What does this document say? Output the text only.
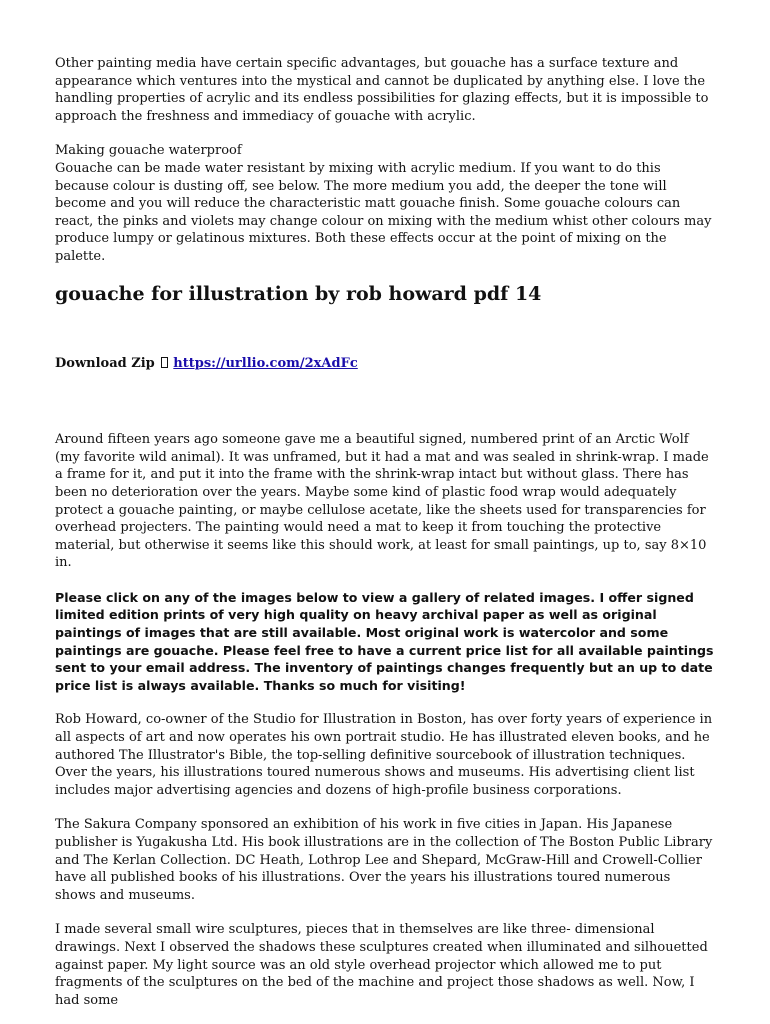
Other painting media have certain specific advantages, but gouache has a surface texture and appearance which ventures into the mystical and cannot be duplicated by anything else. I love the handling properties of acrylic and its endless possibilities for glazing effects, but it is impossible to approach the freshness and immediacy of gouache with acrylic.

Making gouache waterproof

Gouache can be made water resistant by mixing with acrylic medium. If you want to do this because colour is dusting off, see below. The more medium you add, the deeper the tone will become and you will reduce the characteristic matt gouache finish. Some gouache colours can react, the pinks and violets may change colour on mixing with the medium whist other colours may produce lumpy or gelatinous mixtures. Both these effects occur at the point of mixing on the palette.

gouache for illustration by rob howard pdf 14

Download Zip https://urllio.com/2xAdFc

Around fifteen years ago someone gave me a beautiful signed, numbered print of an Arctic Wolf (my favorite wild animal). It was unframed, but it had a mat and was sealed in shrink-wrap. I made a frame for it, and put it into the frame with the shrink-wrap intact but without glass. There has been no deterioration over the years. Maybe some kind of plastic food wrap would adequately protect a gouache painting, or maybe cellulose acetate, like the sheets used for transparencies for overhead projecters. The painting would need a mat to keep it from touching the protective material, but otherwise it seems like this should work, at least for small paintings, up to, say 8×10 in.

Please click on any of the images below to view a gallery of related images. I offer signed limited edition prints of very high quality on heavy archival paper as well as original paintings of images that are still available. Most original work is watercolor and some paintings are gouache. Please feel free to have a current price list for all available paintings sent to your email address. The inventory of paintings changes frequently but an up to date price list is always available. Thanks so much for visiting!

Rob Howard, co-owner of the Studio for Illustration in Boston, has over forty years of experience in all aspects of art and now operates his own portrait studio. He has illustrated eleven books, and he authored The Illustrator's Bible, the top-selling definitive sourcebook of illustration techniques. Over the years, his illustrations toured numerous shows and museums. His advertising client list includes major advertising agencies and dozens of high-profile business corporations.

The Sakura Company sponsored an exhibition of his work in five cities in Japan. His Japanese publisher is Yugakusha Ltd. His book illustrations are in the collection of The Boston Public Library and The Kerlan Collection. DC Heath, Lothrop Lee and Shepard, McGraw-Hill and Crowell-Collier have all published books of his illustrations. Over the years his illustrations toured numerous shows and museums.

I made several small wire sculptures, pieces that in themselves are like three- dimensional drawings. Next I observed the shadows these sculptures created when illuminated and silhouetted against paper. My light source was an old style overhead projector which allowed me to put fragments of the sculptures on the bed of the machine and project those shadows as well. Now, I had some
